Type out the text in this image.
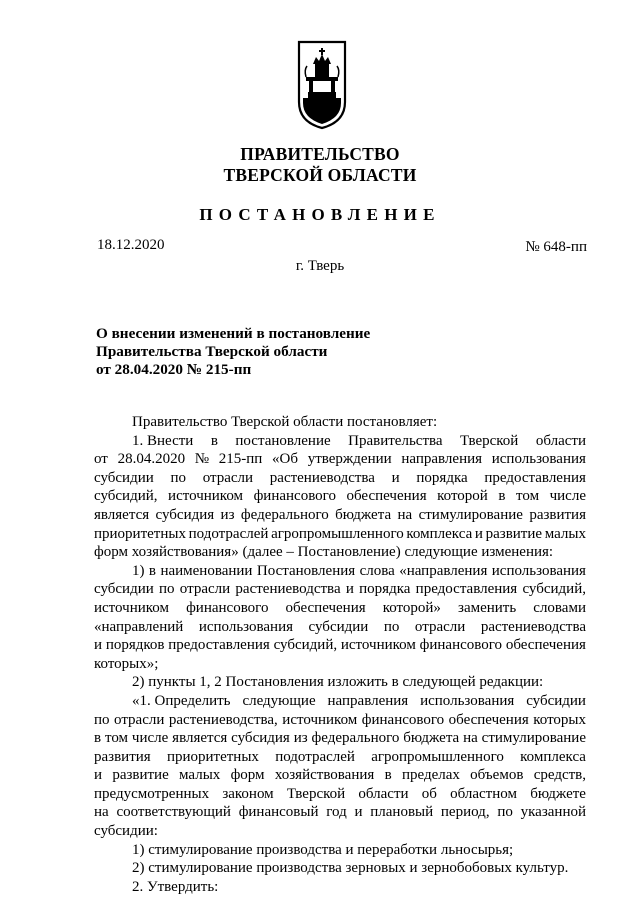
ПРАВИТЕЛЬСТВО
ТВЕРСКОЙ ОБЛАСТИ
ПОСТАНОВЛЕНИЕ
18.12.2020	№ 648-пп
г. Тверь
О внесении изменений в постановление
Правительства Тверской области
от 28.04.2020 № 215-пп
Правительство Тверской области постановляет:
1. Внести в постановление Правительства Тверской области
от 28.04.2020 № 215-пп «Об утверждении направления использования
субсидии по отрасли растениеводства и порядка предоставления
субсидий, источником финансового обеспечения которой в том числе
является субсидия из федерального бюджета на стимулирование развития
приоритетных подотраслей агропромышленного комплекса и развитие малых
форм хозяйствования» (далее – Постановление) следующие изменения:
1) в наименовании Постановления слова «направления использования
субсидии по отрасли растениеводства и порядка предоставления субсидий,
источником финансового обеспечения которой» заменить словами
«направлений использования субсидии по отрасли растениеводства
и порядков предоставления субсидий, источником финансового обеспечения
которых»;
2) пункты 1, 2 Постановления изложить в следующей редакции:
«1. Определить следующие направления использования субсидии
по отрасли растениеводства, источником финансового обеспечения которых
в том числе является субсидия из федерального бюджета на стимулирование
развития приоритетных подотраслей агропромышленного комплекса
и развитие малых форм хозяйствования в пределах объемов средств,
предусмотренных законом Тверской области об областном бюджете
на соответствующий финансовый год и плановый период, по указанной
субсидии:
1) стимулирование производства и переработки льносырья;
2) стимулирование производства зерновых и зернобобовых культур.
2. Утвердить:
